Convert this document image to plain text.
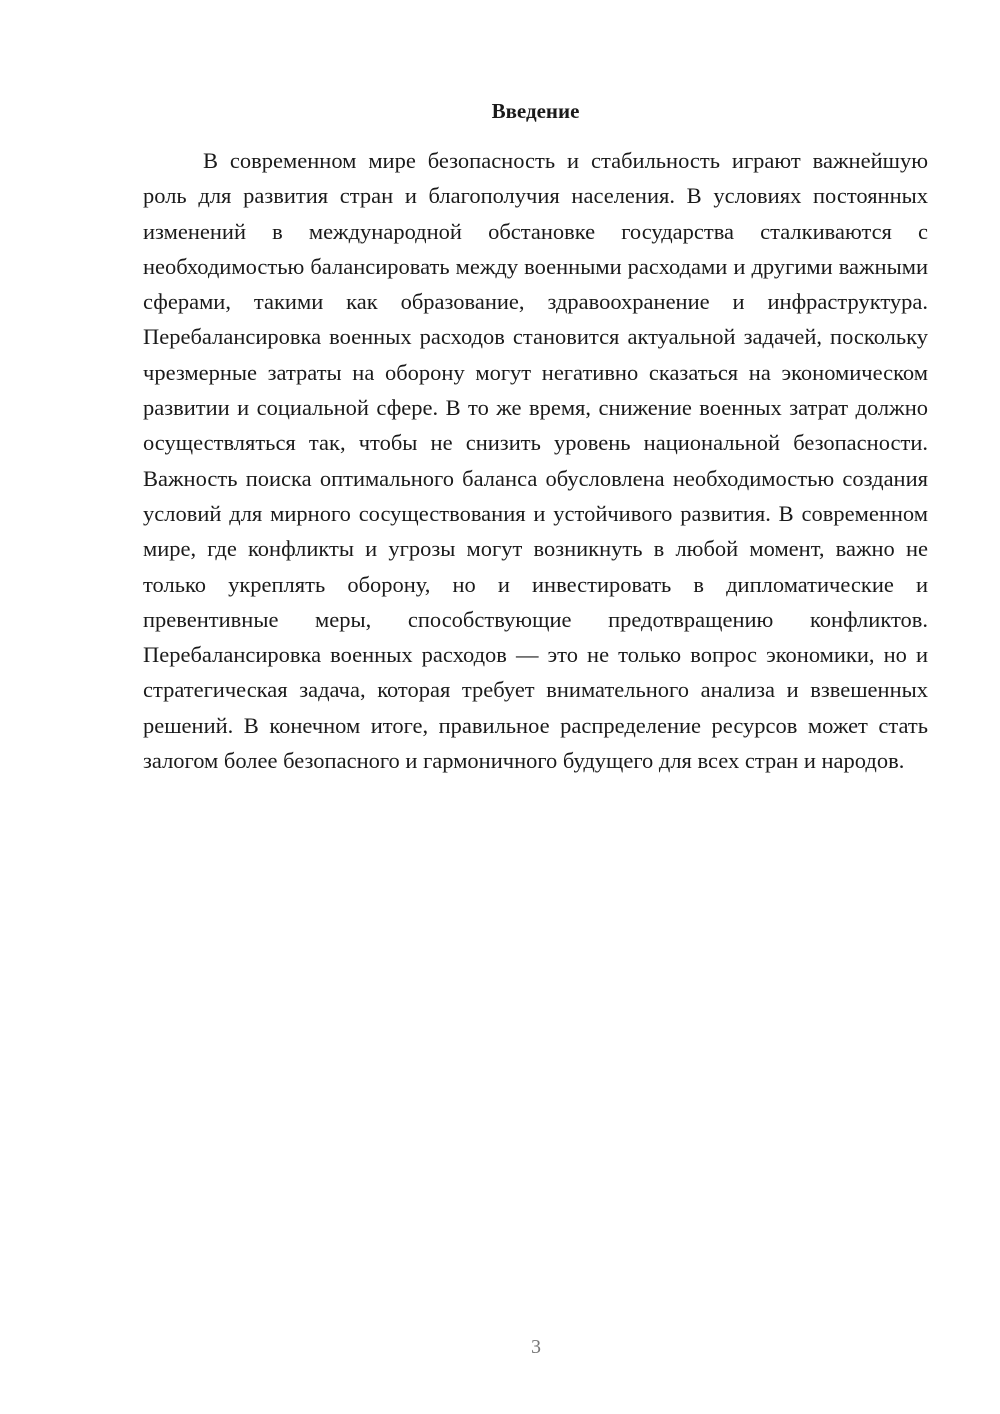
Введение

В современном мире безопасность и стабильность играют важнейшую роль для развития стран и благополучия населения. В условиях постоянных изменений в международной обстановке государства сталкиваются с необходимостью балансировать между военными расходами и другими важными сферами, такими как образование, здравоохранение и инфраструктура. Перебалансировка военных расходов становится актуальной задачей, поскольку чрезмерные затраты на оборону могут негативно сказаться на экономическом развитии и социальной сфере. В то же время, снижение военных затрат должно осуществляться так, чтобы не снизить уровень национальной безопасности. Важность поиска оптимального баланса обусловлена необходимостью создания условий для мирного сосуществования и устойчивого развития. В современном мире, где конфликты и угрозы могут возникнуть в любой момент, важно не только укреплять оборону, но и инвестировать в дипломатические и превентивные меры, способствующие предотвращению конфликтов. Перебалансировка военных расходов — это не только вопрос экономики, но и стратегическая задача, которая требует внимательного анализа и взвешенных решений. В конечном итоге, правильное распределение ресурсов может стать залогом более безопасного и гармоничного будущего для всех стран и народов.

3
